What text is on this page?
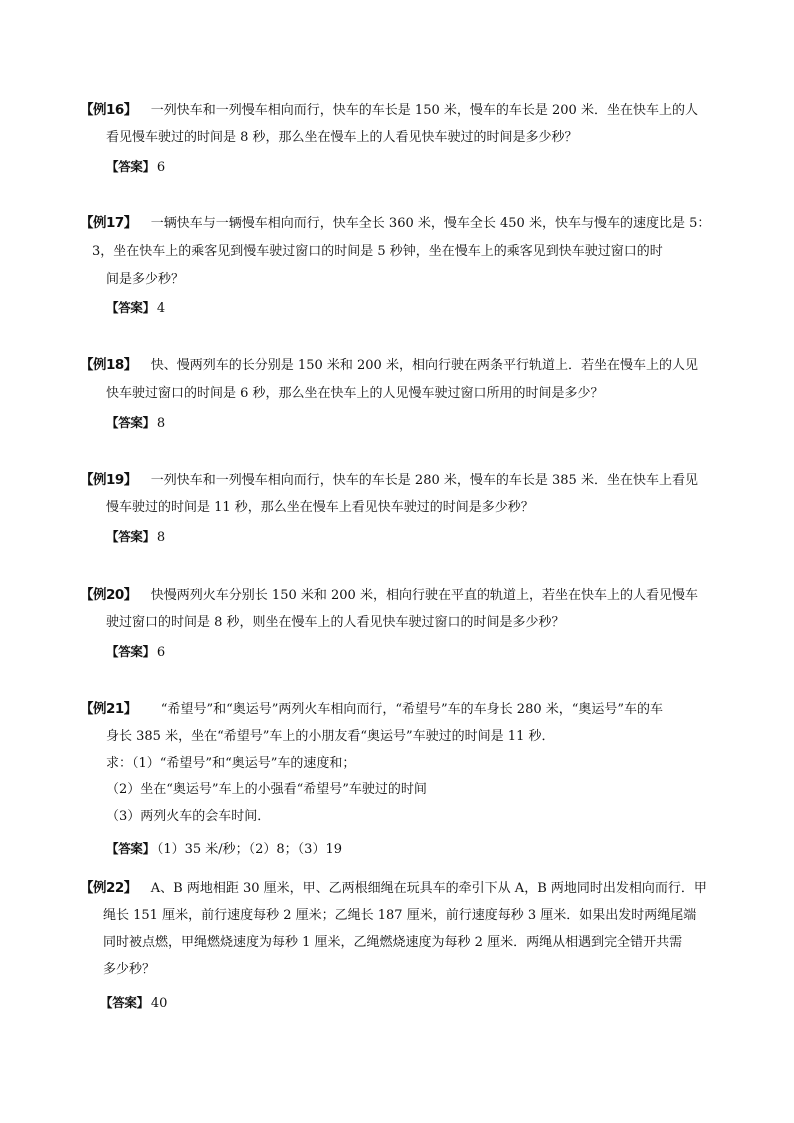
【例16】 一列快车和一列慢车相向而行，快车的车长是 150 米，慢车的车长是 200 米．坐在快车上的人
看见慢车驶过的时间是 8 秒，那么坐在慢车上的人看见快车驶过的时间是多少秒？
【答案】 6
【例17】 一辆快车与一辆慢车相向而行，快车全长 360 米，慢车全长 450 米，快车与慢车的速度比是 5：
3，坐在快车上的乘客见到慢车驶过窗口的时间是 5 秒钟，坐在慢车上的乘客见到快车驶过窗口的时
间是多少秒？
【答案】 4
【例18】 快、慢两列车的长分别是 150 米和 200 米，相向行驶在两条平行轨道上．若坐在慢车上的人见
快车驶过窗口的时间是 6 秒，那么坐在快车上的人见慢车驶过窗口所用的时间是多少？
【答案】 8
【例19】 一列快车和一列慢车相向而行，快车的车长是 280 米，慢车的车长是 385 米．坐在快车上看见
慢车驶过的时间是 11 秒，那么坐在慢车上看见快车驶过的时间是多少秒？
【答案】 8
【例20】 快慢两列火车分别长 150 米和 200 米，相向行驶在平直的轨道上，若坐在快车上的人看见慢车
驶过窗口的时间是 8 秒，则坐在慢车上的人看见快车驶过窗口的时间是多少秒？
【答案】 6
【例21】 “希望号”和“奥运号”两列火车相向而行，“希望号”车的车身长 280 米，“奥运号”车的车
身长 385 米，坐在“希望号”车上的小朋友看“奥运号”车驶过的时间是 11 秒．
求：（1）“希望号”和“奥运号”车的速度和；
（2）坐在“奥运号”车上的小强看“希望号”车驶过的时间
（3）两列火车的会车时间．
【答案】 （1）35 米/秒；（2）8；（3）19
【例22】 A、B 两地相距 30 厘米，甲、乙两根细绳在玩具车的牵引下从 A，B 两地同时出发相向而行．甲
绳长 151 厘米，前行速度每秒 2 厘米；乙绳长 187 厘米，前行速度每秒 3 厘米．如果出发时两绳尾端
同时被点燃，甲绳燃烧速度为每秒 1 厘米，乙绳燃烧速度为每秒 2 厘米．两绳从相遇到完全错开共需
多少秒？
【答案】 40
